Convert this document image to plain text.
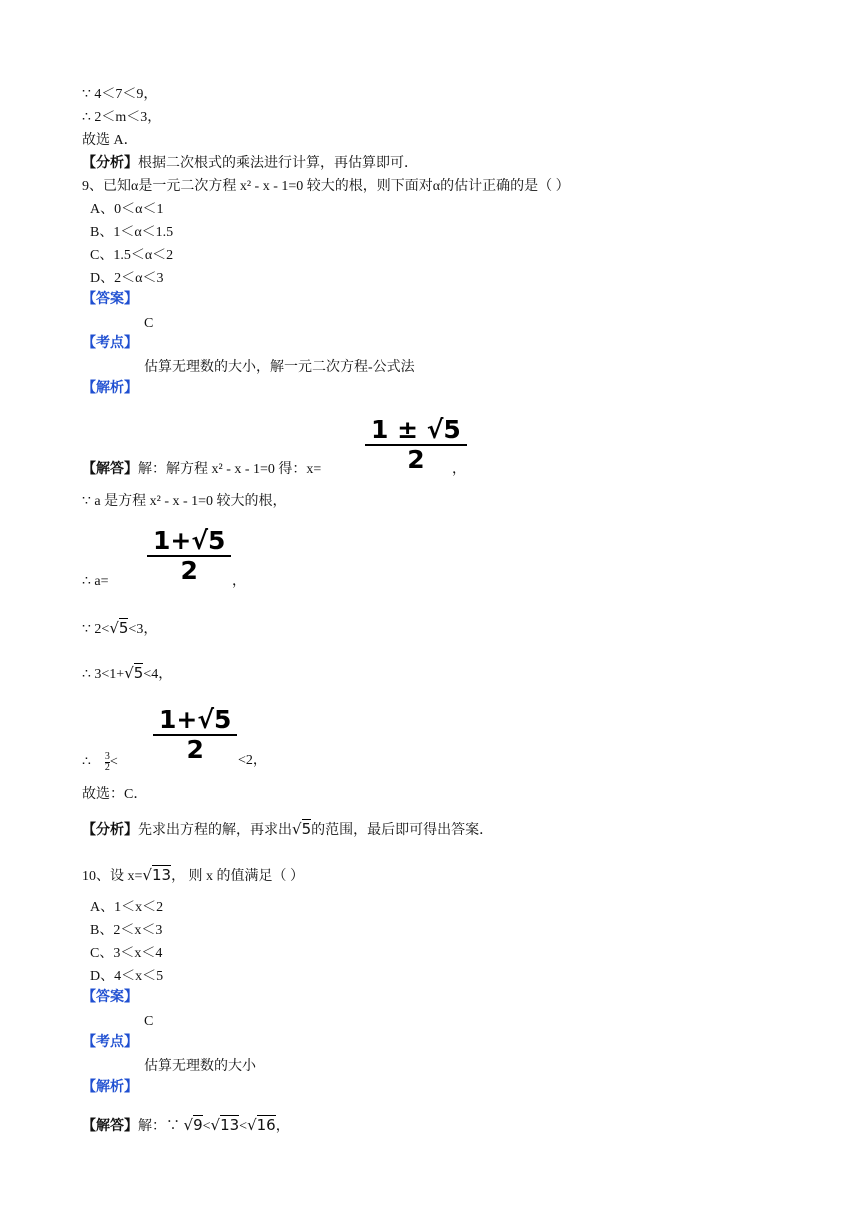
∵ 4＜7＜9，
∴ 2＜m＜3，
故选 A．
【分析】根据二次根式的乘法进行计算，再估算即可．
9、已知α是一元二次方程 x² - x - 1=0 较大的根，则下面对α的估计正确的是（ ）
A、0＜α＜1
B、1＜α＜1.5
C、1.5＜α＜2
D、2＜α＜3
【答案】
C
【考点】
估算无理数的大小，解一元二次方程-公式法
【解析】
【解答】解：解方程 x² - x - 1=0 得：$x= \frac{1 \pm √5}{2}$
，
∵ a 是方程 x² - x - 1=0 较大的根，
∴ $a= \frac{1+√5}{2}$ ，
∵ 2<√5<3，
∴ 3<1+√5<4，
∴ $\frac{3}{2} < \frac{1+√5}{2} <2$，
故选：C．
【分析】先求出方程的解，再求出√5的范围，最后即可得出答案．
10、设 x=√13， 则 x 的值满足（ ）
A、1＜x＜2
B、2＜x＜3
C、3＜x＜4
D、4＜x＜5
【答案】
C
【考点】
估算无理数的大小
【解析】
【解答】解：∵ √9<√13<√16，
